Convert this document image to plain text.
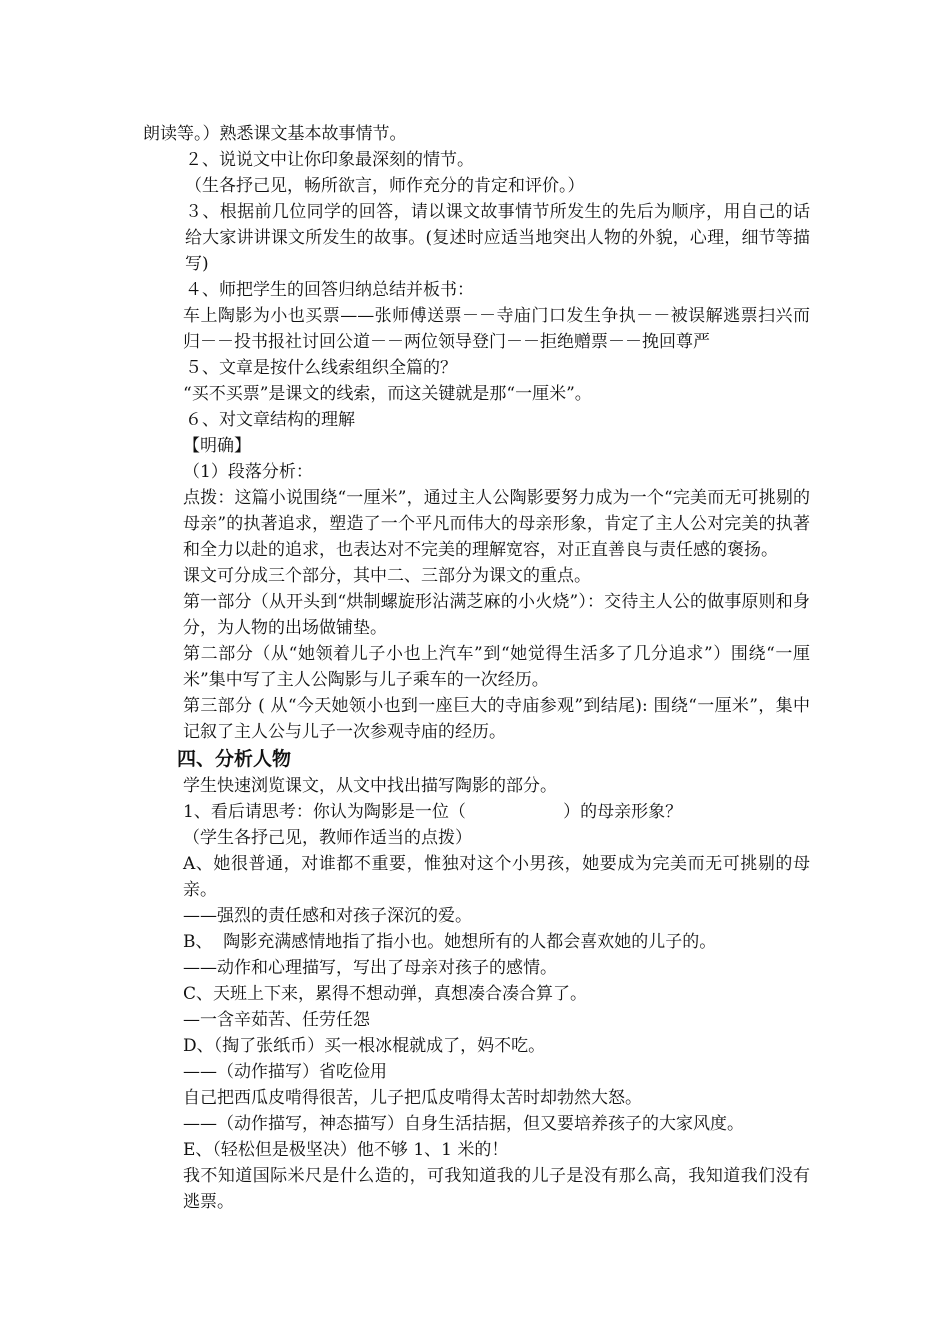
朗读等。）熟悉课文基本故事情节。
２、说说文中让你印象最深刻的情节。
（生各抒己见，畅所欲言，师作充分的肯定和评价。）
３、根据前几位同学的回答，请以课文故事情节所发生的先后为顺序，用自己的话给大家讲讲课文所发生的故事。(复述时应适当地突出人物的外貌，心理，细节等描写)
４、师把学生的回答归纳总结并板书：
车上陶影为小也买票——张师傅送票－－寺庙门口发生争执－－被误解逃票扫兴而归－－投书报社讨回公道－－两位领导登门－－拒绝赠票－－挽回尊严
５、文章是按什么线索组织全篇的？
“买不买票”是课文的线索，而这关键就是那“一厘米”。
６、对文章结构的理解
【明确】
（1）段落分析：
点拨：这篇小说围绕“一厘米”，通过主人公陶影要努力成为一个“完美而无可挑剔的母亲”的执著追求，塑造了一个平凡而伟大的母亲形象，肯定了主人公对完美的执著和全力以赴的追求，也表达对不完美的理解宽容，对正直善良与责任感的褒扬。
课文可分成三个部分，其中二、三部分为课文的重点。
第一部分（从开头到“烘制螺旋形沾满芝麻的小火烧”）：交待主人公的做事原则和身分，为人物的出场做铺垫。
第二部分（从“她领着儿子小也上汽车”到“她觉得生活多了几分追求”）围绕“一厘米”集中写了主人公陶影与儿子乘车的一次经历。
第三部分 ( 从“今天她领小也到一座巨大的寺庙参观”到结尾): 围绕“一厘米”，集中记叙了主人公与儿子一次参观寺庙的经历。
四、分析人物
学生快速浏览课文，从文中找出描写陶影的部分。
1、看后请思考：你认为陶影是一位（                  ）的母亲形象？
（学生各抒己见，教师作适当的点拨）
A、她很普通，对谁都不重要，惟独对这个小男孩，她要成为完美而无可挑剔的母亲。
——强烈的责任感和对孩子深沉的爱。
B、  陶影充满感情地指了指小也。她想所有的人都会喜欢她的儿子的。
——动作和心理描写，写出了母亲对孩子的感情。
C、天班上下来，累得不想动弹，真想凑合凑合算了。
—一含辛茹苦、任劳任怨
D、（掏了张纸币）买一根冰棍就成了，妈不吃。
——（动作描写）省吃俭用
自己把西瓜皮啃得很苦，儿子把瓜皮啃得太苦时却勃然大怒。
——（动作描写，神态描写）自身生活拮据，但又要培养孩子的大家风度。
E、（轻松但是极坚决）他不够 1、1 米的！
我不知道国际米尺是什么造的，可我知道我的儿子是没有那么高，我知道我们没有逃票。
